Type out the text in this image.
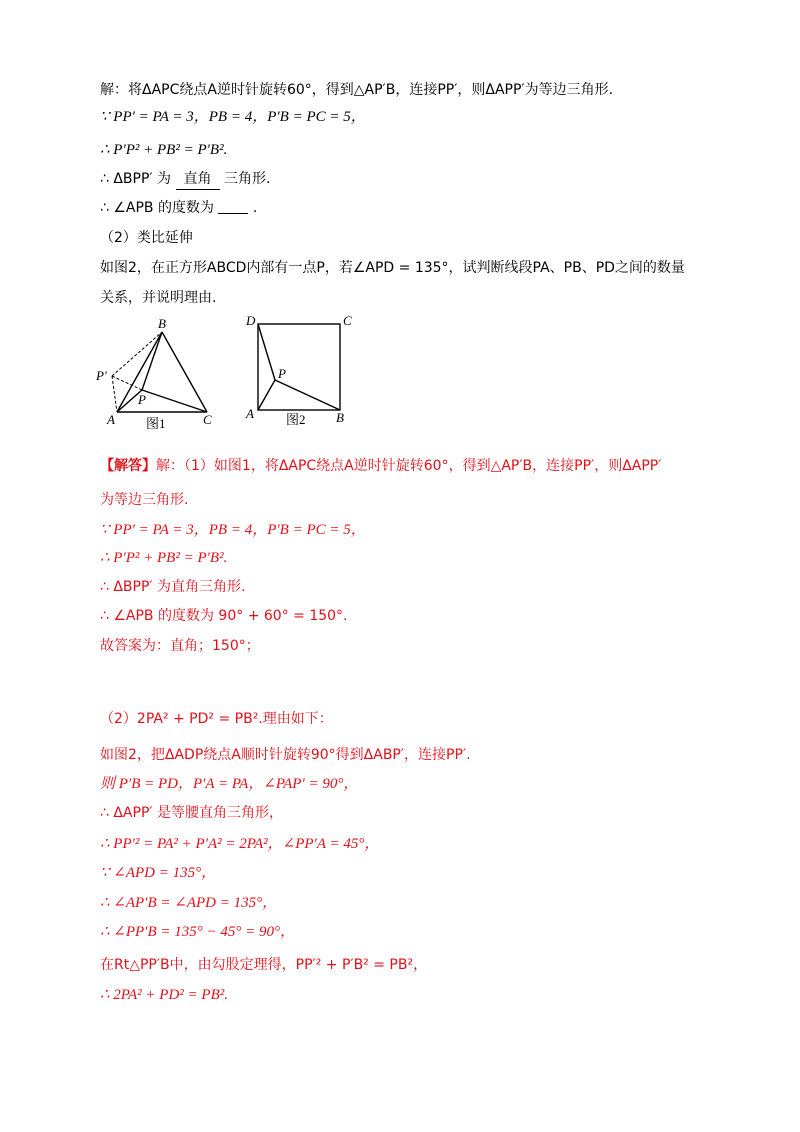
解：将ΔAPC绕点A逆时针旋转60°，得到△AP′B，连接PP′，则ΔAPP′为等边三角形.
∵ PP′ = PA = 3，PB = 4，P′B = PC = 5，
∴ P′P² + PB² = P′B².
∴ ΔBPP′ 为 直角 三角形.
∴ ∠APB 的度数为	.
（2）类比延伸
如图2，在正方形ABCD内部有一点P，若∠APD = 135°，试判断线段PA、PB、PD之间的数量
关系，并说明理由.
B
P′
P
A	C
图1
D	C
P
A	B
图2
【解答】解：（1）如图1，将ΔAPC绕点A逆时针旋转60°，得到△AP′B，连接PP′，则ΔAPP′
为等边三角形.
∵ PP′ = PA = 3，PB = 4，P′B = PC = 5，
∴ P′P² + PB² = P′B².
∴ ΔBPP′ 为直角三角形.
∴ ∠APB 的度数为 90° + 60° = 150°.
故答案为：直角；150°；
（2）2PA² + PD² = PB².理由如下：
如图2，把ΔADP绕点A顺时针旋转90°得到ΔABP′，连接PP′.
则 P′B = PD，P′A = PA，∠PAP′ = 90°，
∴ ΔAPP′ 是等腰直角三角形，
∴ PP′² = PA² + P′A² = 2PA²，∠PP′A = 45°，
∵ ∠APD = 135°，
∴ ∠AP′B = ∠APD = 135°，
∴ ∠PP′B = 135° − 45° = 90°，
在Rt△PP′B中，由勾股定理得，PP′² + P′B² = PB²，
∴ 2PA² + PD² = PB².
